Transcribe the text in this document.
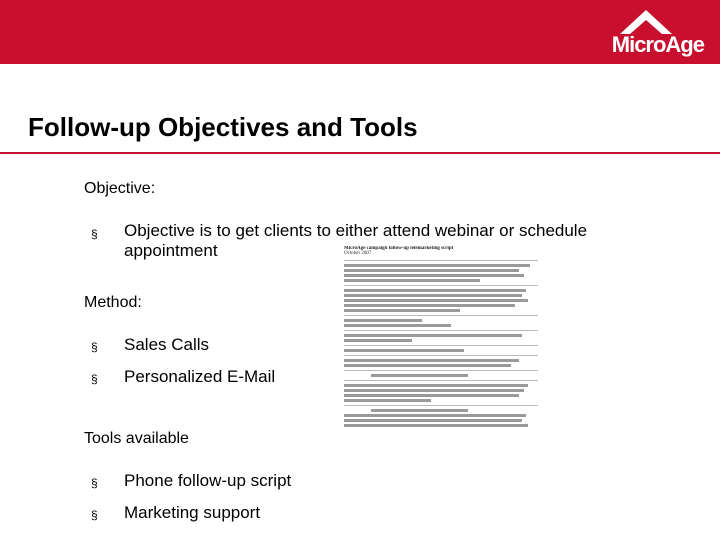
MicroAge
Follow-up Objectives and Tools
Objective:
§ Objective is to get clients to either attend webinar or schedule appointment
Method:
§ Sales Calls
§ Personalized E-Mail
Tools available
§ Phone follow-up script
§ Marketing support
MicroAge campaign follow-up telemarketing script
October 2007
